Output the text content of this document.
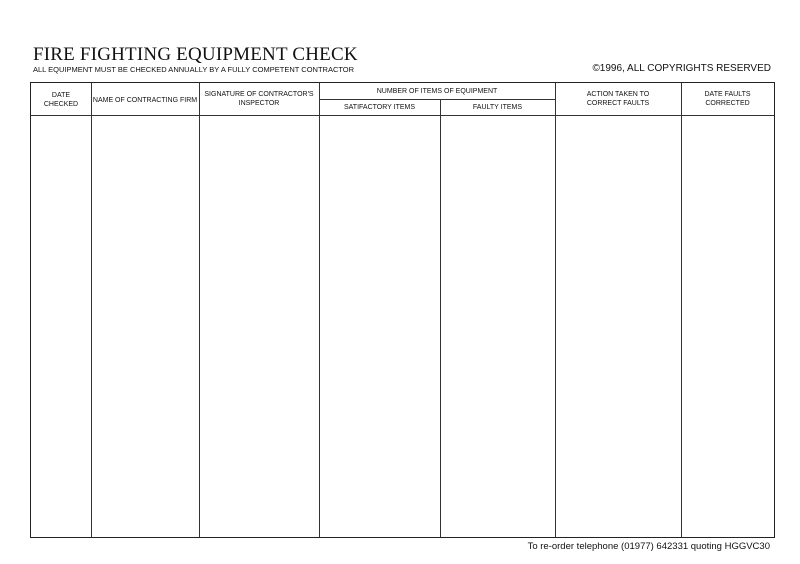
FIRE FIGHTING EQUIPMENT CHECK
ALL EQUIPMENT MUST BE CHECKED ANNUALLY BY A FULLY COMPETENT CONTRACTOR	©1996, ALL COPYRIGHTS RESERVED
DATE
CHECKED
NAME OF CONTRACTING FIRM
SIGNATURE OF CONTRACTOR'S
INSPECTOR
NUMBER OF ITEMS OF EQUIPMENT
SATIFACTORY ITEMS	FAULTY ITEMS
ACTION TAKEN TO
CORRECT FAULTS
DATE FAULTS
CORRECTED
To re-order telephone (01977) 642331 quoting HGGVC30
